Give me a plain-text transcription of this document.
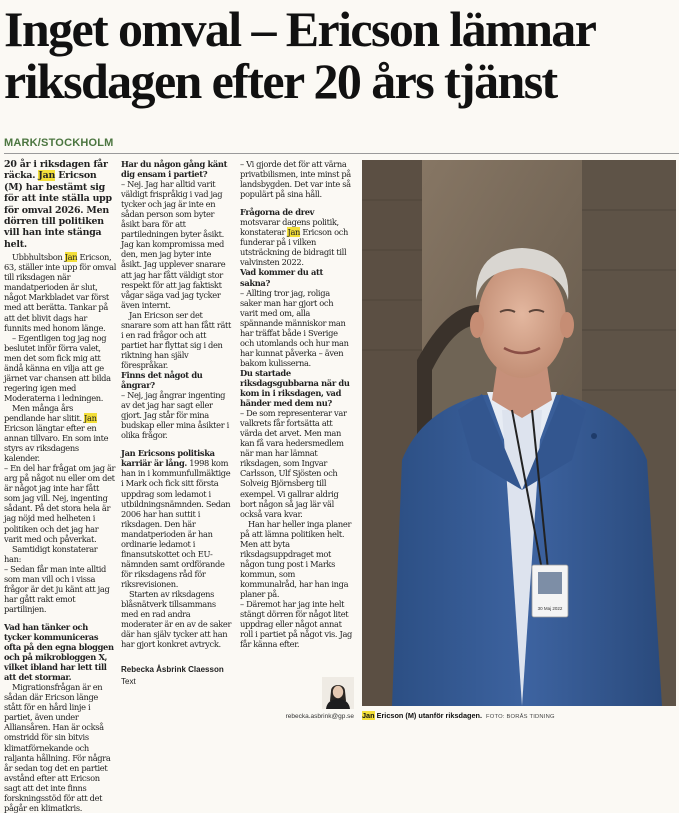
Inget omval – Ericson lämnar riksdagen efter 20 års tjänst
MARK/STOCKHOLM

20 år i riksdagen får räcka. Jan Ericson (M) har bestämt sig för att inte ställa upp för omval 2026. Men dörren till politiken vill han inte stänga helt.

Ubbhultsbon Jan Ericson, 63, ställer inte upp för omval till riksdagen när mandatperioden är slut, något Markbladet var först med att berätta. Tankar på att det blivit dags har funnits med honom länge.

– Egentligen tog jag nog beslutet inför förra valet, men det som fick mig att ändå känna en vilja att ge järnet var chansen att bilda regering igen med Moderaterna i ledningen.

Men många års pendlande har slitit. Jan Ericson längtar efter en annan tillvaro. En som inte styrs av riksdagens kalender.

– En del har frågat om jag är arg på något nu eller om det är något jag inte har fått som jag vill. Nej, ingenting sådant. På det stora hela är jag nöjd med helheten i politiken och det jag har varit med och påverkat.

Samtidigt konstaterar han:

– Sedan får man inte alltid som man vill och i vissa frågor är det ju känt att jag har gått rakt emot partilinjen.

Vad han tänker och tycker kommuniceras ofta på den egna bloggen och på mikrobloggen X, vilket ibland har lett till att det stormar.

Migrationsfrågan är en sådan där Ericson länge stått för en hård linje i partiet, även under Alliansåren. Han är också omstridd för sin bitvis klimatförnekande och raljanta hållning. För några år sedan tog det en partiet avstånd efter att Ericson sagt att det inte finns forskningsstöd för att det pågår en klimatkris.

Har du någon gång känt dig ensam i partiet?

– Nej. Jag har alltid varit väldigt frispråkig i vad jag tycker och jag är inte en sådan person som byter åsikt bara för att partiledningen byter åsikt. Jag kan kompromissa med den, men jag byter inte åsikt. Jag upplever snarare att jag har fått väldigt stor respekt för att jag faktiskt vågar säga vad jag tycker även internt.

Jan Ericson ser det snarare som att han fått rätt i en rad frågor och att partiet har flyttat sig i den riktning han själv förespråkar.

Finns det något du ångrar?

– Nej, jag ångrar ingenting av det jag har sagt eller gjort. Jag står för mina budskap eller mina åsikter i olika frågor.

Jan Ericsons politiska karriär är lång. 1998 kom han in i kommunfullmäktige i Mark och fick sitt första uppdrag som ledamot i utbildningsnämnden. Sedan 2006 har han suttit i riksdagen. Den här mandatperioden är han ordinarie ledamot i finansutskottet och EU-nämnden samt ordförande för riksdagens råd för riksrevisionen.

Starten av riksdagens blåsnätverk tillsammans med en rad andra moderater är en av de saker där han själv tycker att han har gjort konkret avtryck.

– Vi gjorde det för att värna privatbilismen, inte minst på landsbygden. Det var inte så populärt på sina håll.

Frågorna de drev motsvarar dagens politik, konstaterar Jan Ericson och funderar på i vilken utsträckning de bidragit till valvinsten 2022.

Vad kommer du att sakna?

– Allting tror jag, roliga saker man har gjort och varit med om, alla spännande människor man har träffat både i Sverige och utomlands och hur man har kunnat påverka – även bakom kulisserna.

Du startade riksdagsgubbarna när du kom in i riksdagen, vad händer med dem nu?

– De som representerar var valkrets får fortsätta att värda det arvet. Men man kan få vara hedersmedlem när man har lämnat riksdagen, som Ingvar Carlsson, Ulf Sjösten och Solveig Björnsberg till exempel. Vi gallrar aldrig bort någon så jag lär väl också vara kvar.

Han har heller inga planer på att lämna politiken helt. Men att byta riksdagsuppdraget mot någon tung post i Marks kommun, som kommunalråd, har han inga planer på.

– Däremot har jag inte helt stängt dörren för något litet uppdrag eller något annat roll i partiet på något vis. Jag får känna efter.

Rebecka Åsbrink Claesson
Text
rebecka.asbrink@gp.se
30 Maj 2022
Jan Ericson (M) utanför riksdagen. FOTO: BORÅS TIDNING
